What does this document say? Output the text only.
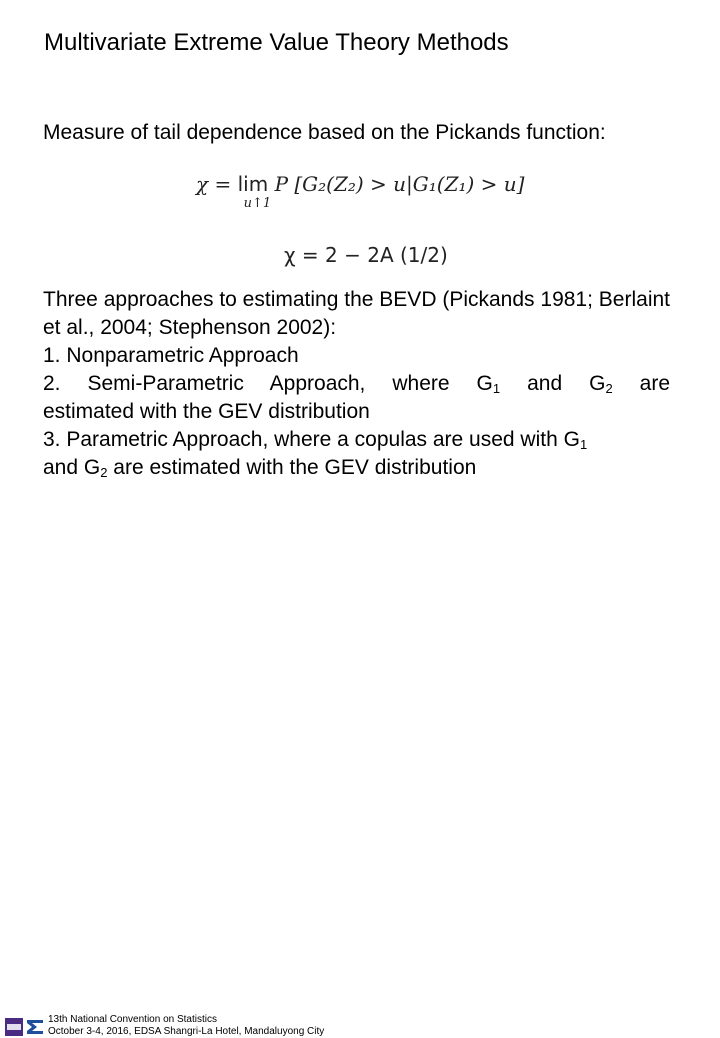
Multivariate Extreme Value Theory Methods
Measure of tail dependence based on the Pickands function:
χ = lim
u↑1
P [G₂(Z₂) > u|G₁(Z₁) > u]
χ = 2 − 2A (1/2)
Three approaches to estimating the BEVD (Pickands 1981; Berlaint et al., 2004; Stephenson 2002):
1. Nonparametric Approach
2. Semi-Parametric Approach, where $G_1$ and $G_2$ are
estimated with the GEV distribution
3. Parametric Approach, where a copulas are used with $G_1$
and $G_2$ are estimated with the GEV distribution
13th National Convention on Statistics
October 3-4, 2016, EDSA Shangri-La Hotel, Mandaluyong City
